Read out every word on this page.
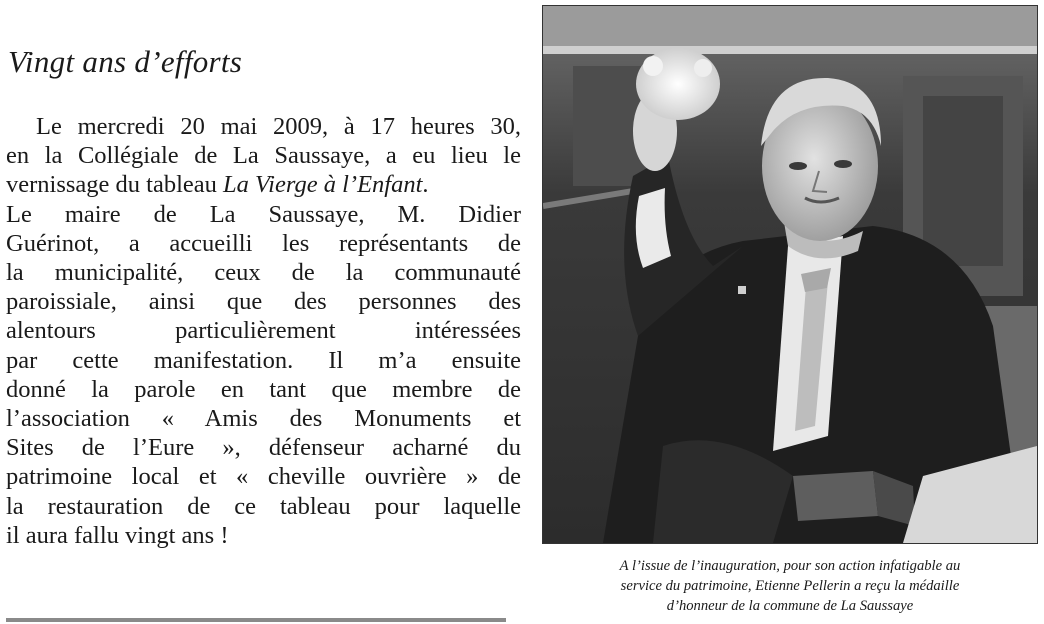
Vingt ans d’efforts

Le mercredi 20 mai 2009, à 17 heures 30,
en la Collégiale de La Saussaye, a eu lieu le
vernissage du tableau La Vierge à l’Enfant.
Le maire de La Saussaye, M. Didier
Guérinot, a accueilli les représentants de
la municipalité, ceux de la communauté
paroissiale, ainsi que des personnes des
alentours particulièrement intéressées
par cette manifestation. Il m’a ensuite
donné la parole en tant que membre de
l’association « Amis des Monuments et
Sites de l’Eure », défenseur acharné du
patrimoine local et « cheville ouvrière » de
la restauration de ce tableau pour laquelle
il aura fallu vingt ans !

A l’issue de l’inauguration, pour son action infatigable au
service du patrimoine, Etienne Pellerin a reçu la médaille
d’honneur de la commune de La Saussaye
